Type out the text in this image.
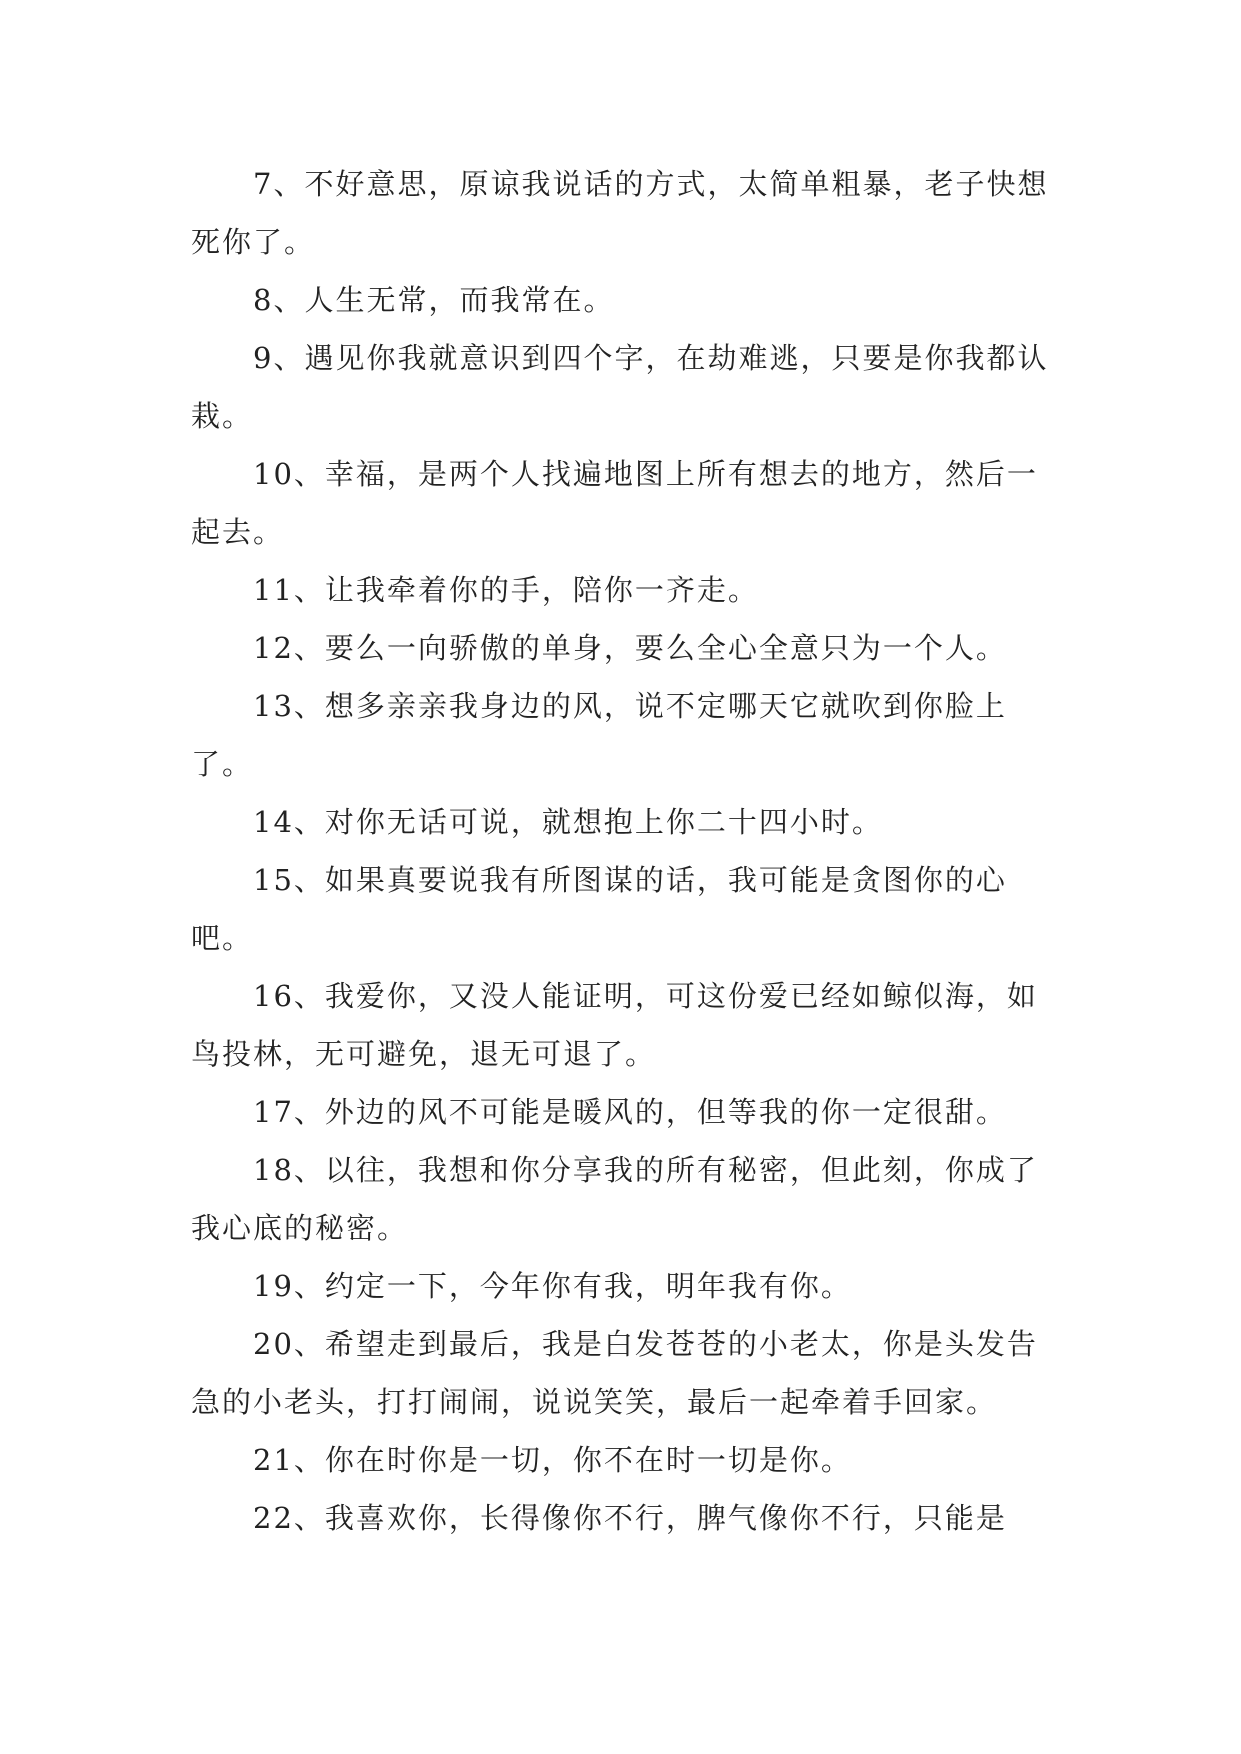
7、不好意思，原谅我说话的方式，太简单粗暴，老子快想死你了。

8、人生无常，而我常在。

9、遇见你我就意识到四个字，在劫难逃，只要是你我都认栽。

10、幸福，是两个人找遍地图上所有想去的地方，然后一起去。

11、让我牵着你的手，陪你一齐走。

12、要么一向骄傲的单身，要么全心全意只为一个人。

13、想多亲亲我身边的风，说不定哪天它就吹到你脸上了。

14、对你无话可说，就想抱上你二十四小时。

15、如果真要说我有所图谋的话，我可能是贪图你的心吧。

16、我爱你，又没人能证明，可这份爱已经如鲸似海，如鸟投林，无可避免，退无可退了。

17、外边的风不可能是暖风的，但等我的你一定很甜。

18、以往，我想和你分享我的所有秘密，但此刻，你成了我心底的秘密。

19、约定一下，今年你有我，明年我有你。

20、希望走到最后，我是白发苍苍的小老太，你是头发告急的小老头，打打闹闹，说说笑笑，最后一起牵着手回家。

21、你在时你是一切，你不在时一切是你。

22、我喜欢你，长得像你不行，脾气像你不行，只能是
